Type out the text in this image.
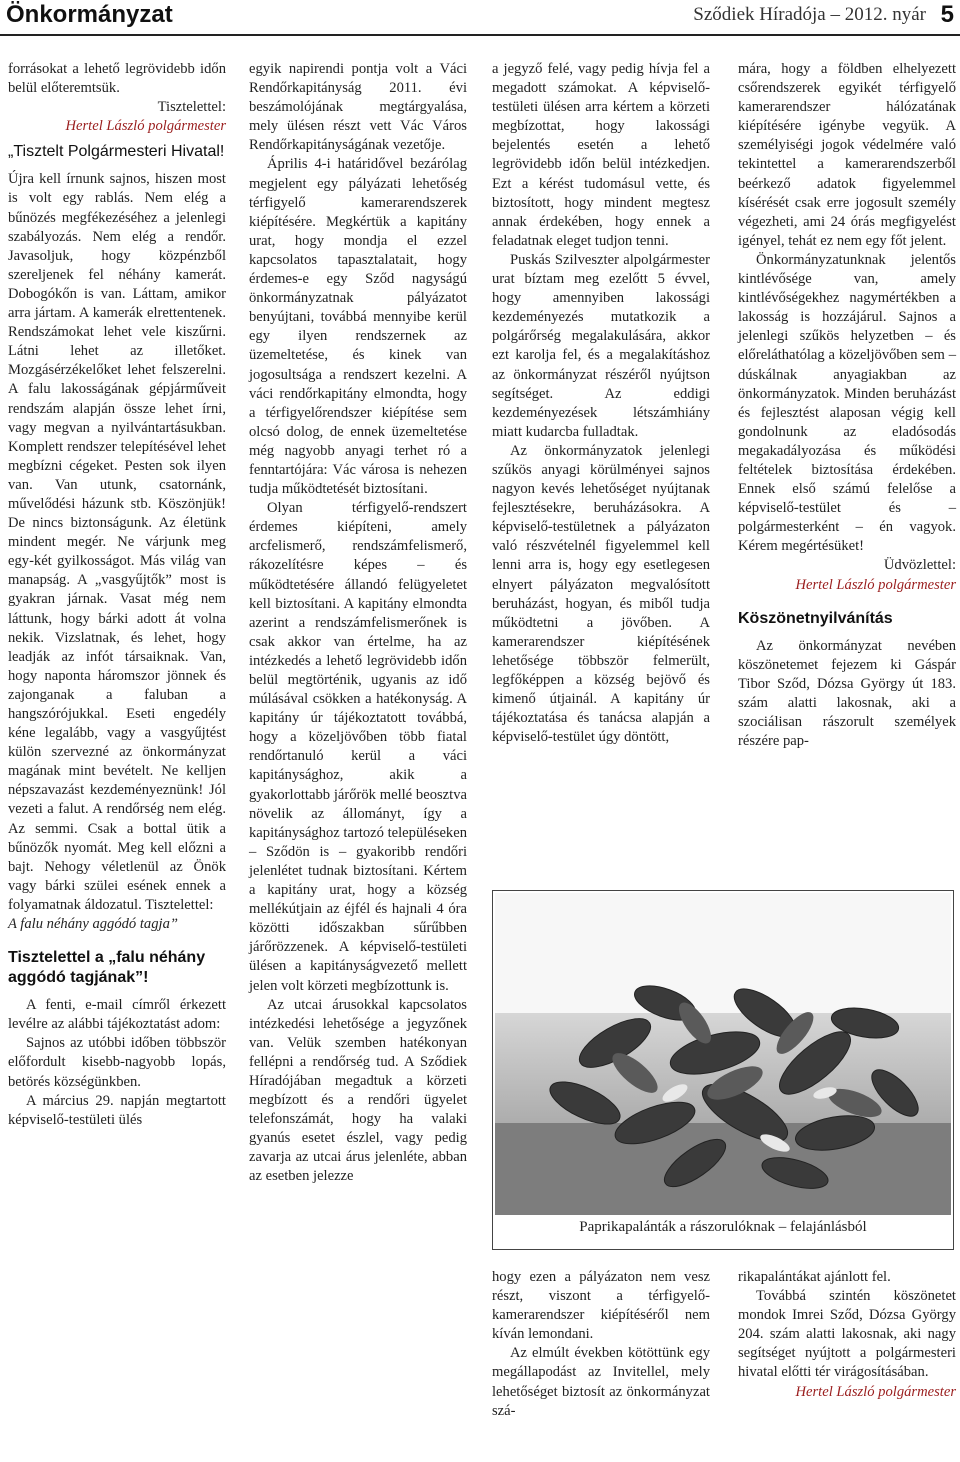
Önkormányzat	Sződiek Híradója – 2012. nyár 5

forrásokat a lehető legrövidebb időn belül előteremtsük.

Tisztelettel:

Hertel László polgármester

„Tisztelt Polgármesteri Hivatal!

Újra kell írnunk sajnos, hiszen most is volt egy rablás. Nem elég a bűnözés megfékezéséhez a jelenlegi szabályozás. Nem elég a rendőr. Javasoljuk, hogy közpénzből szereljenek fel néhány kamerát. Dobogókőn is van. Láttam, amikor arra jártam. A kamerák elrettentenek. Rendszámokat lehet vele kiszűrni. Látni lehet az illetőket. Mozgásérzékelőket lehet felszerelni. A falu lakosságának gépjárműveit rendszám alapján össze lehet írni, vagy megvan a nyilvántartásukban. Komplett rendszer telepítésével lehet megbízni cégeket. Pesten sok ilyen van. Van utunk, csatornánk, művelődési házunk stb. Köszönjük! De nincs biztonságunk. Az életünk mindent megér. Ne várjunk meg egy-két gyilkosságot. Más világ van manapság. A „vasgyűjtők” most is gyakran járnak. Vasat még nem láttunk, hogy bárki adott át volna nekik. Vizslatnak, és lehet, hogy leadják az infót társaiknak. Van, hogy naponta háromszor jönnek és zajonganak a faluban a hangszórójukkal. Eseti engedély kéne legalább, vagy a vasgyűjtést külön szervezné az önkormányzat magának mint bevételt. Ne kelljen népszavazást kezdeményeznünk! Jól vezeti a falut. A rendőrség nem elég. Az semmi. Csak a bottal ütik a bűnözők nyomát. Meg kell előzni a bajt. Nehogy véletlenül az Önök vagy bárki szülei esének ennek a folyamatnak áldozatul. Tisztelettel:

A falu néhány aggódó tagja”

Tisztelettel a „falu néhány aggódó tagjának”!

A fenti, e-mail címről érkezett levélre az alábbi tájékoztatást adom:

Sajnos az utóbbi időben többször előfordult kisebb-nagyobb lopás, betörés községünkben.

A március 29. napján megtartott képviselő-testületi ülés

egyik napirendi pontja volt a Váci Rendőrkapitányság 2011. évi beszámolójának megtárgyalása, mely ülésen részt vett Vác Város Rendőrkapitányságának vezetője.

Április 4-i határidővel bezárólag megjelent egy pályázati lehetőség térfigyelő kamerarendszerek kiépítésére. Megkértük a kapitány urat, hogy mondja el ezzel kapcsolatos tapasztalatait, hogy érdemes-e egy Sződ nagyságú önkormányzatnak pályázatot benyújtani, továbbá mennyibe kerül egy ilyen rendszernek az üzemeltetése, és kinek van jogosultsága a rendszert kezelni. A váci rendőrkapitány elmondta, hogy a térfigyelőrendszer kiépítése sem olcsó dolog, de ennek üzemeltetése még nagyobb anyagi terhet ró a fenntartójára: Vác városa is nehezen tudja működtetését biztosítani.

Olyan térfigyelő-rendszert érdemes kiépíteni, amely arcfelismerő, rendszámfelismerő, rákozelítésre képes – és működtetésére állandó felügyeletet kell biztosítani. A kapitány elmondta azerint a rendszámfelismerőnek is csak akkor van értelme, ha az intézkedés a lehető legrövidebb időn belül megtörténik, ugyanis az idő múlásával csökken a hatékonyság. A kapitány úr tájékoztatott továbbá, hogy a közeljövőben több fiatal rendőrtanuló kerül a váci kapitánysághoz, akik a gyakorlottabb járőrök mellé beosztva növelik az állományt, így a kapitánysághoz tartozó településeken – Sződön is – gyakoribb rendőri jelenlétet tudnak biztosítani. Kértem a kapitány urat, hogy a község mellékútjain az éjfél és hajnali 4 óra közötti időszakban sűrűbben járőrözzenek. A képviselő-testületi ülésen a kapitányságvezető mellett jelen volt körzeti megbízottunk is.

Az utcai árusokkal kapcsolatos intézkedési lehetősége a jegyzőnek van. Velük szemben hatékonyan fellépni a rendőrség tud. A Sződiek Híradójában megadtuk a körzeti megbízott és a rendőri ügyelet telefonszámát, hogy ha valaki gyanús esetet észlel, vagy pedig zavarja az utcai árus jelenléte, abban az esetben jelezze

a jegyző felé, vagy pedig hívja fel a megadott számokat. A képviselő-testületi ülésen arra kértem a körzeti megbízottat, hogy lakossági bejelentés esetén a lehető legrövidebb időn belül intézkedjen. Ezt a kérést tudomásul vette, és biztosított, hogy mindent megtesz annak érdekében, hogy ennek a feladatnak eleget tudjon tenni.

Puskás Szilveszter alpolgármester urat bíztam meg ezelőtt 5 évvel, hogy amennyiben lakossági kezdeményezés mutatkozik a polgárőrség megalakulására, akkor ezt karolja fel, és a megalakításhoz az önkormányzat részéről nyújtson segítséget. Az eddigi kezdeményezések létszámhiány miatt kudarcba fulladtak.

Az önkormányzatok jelenlegi szűkös anyagi körülményei sajnos nagyon kevés lehetőséget nyújtanak fejlesztésekre, beruházásokra. A képviselő-testületnek a pályázaton való részvételnél figyelemmel kell lenni arra is, hogy egy esetlegesen elnyert pályázaton megvalósított beruházást, hogyan, és miből tudja működtetni a jövőben. A kamerarendszer kiépítésének lehetősége többször felmerült, legfőképpen a község bejövő és kimenő útjainál. A kapitány úr tájékoztatása és tanácsa alapján a képviselő-testület úgy döntött,

hogy ezen a pályázaton nem vesz részt, viszont a térfigyelő-kamerarendszer kiépítéséről nem kíván lemondani.

Az elmúlt években kötöttünk egy megállapodást az Invitellel, mely lehetőséget biztosít az önkormányzat szá-

mára, hogy a földben elhelyezett csőrendszerek egyikét térfigyelő kamerarendszer hálózatának kiépítésére igénybe vegyük. A személyiségi jogok védelmére való tekintettel a kamerarendszerből beérkező adatok figyelemmel kísérését csak erre jogosult személy végezheti, ami 24 órás megfigyelést igényel, tehát ez nem egy főt jelent.

Önkormányzatunknak jelentős kintlévősége van, amely kintlévőségekhez nagymértékben a lakosság is hozzájárul. Sajnos a jelenlegi szűkös helyzetben – és előreláthatólag a közeljövőben sem – dúskálnak anyagiakban az önkormányzatok. Minden beruházást és fejlesztést alaposan végig kell gondolnunk az eladósodás megakadályozása és működési feltételek biztosítása érdekében. Ennek első számú felelőse a képviselő-testület és – polgármesterként – én vagyok. Kérem megértésüket!

Üdvözlettel:

Hertel László polgármester

Köszönetnyilvánítás

Az önkormányzat nevében köszönetemet fejezem ki Gáspár Tibor Sződ, Dózsa György út 183. szám alatti lakosnak, aki a szociálisan rászorult személyek részére pap-

rikapalántákat ajánlott fel.

Továbbá szintén köszönetet mondok Imrei Sződ, Dózsa György 204. szám alatti lakosnak, aki nagy segítséget nyújtott a polgármesteri hivatal előtti tér virágosításában.

Hertel László polgármester

Paprikapalánták a rászorulóknak – felajánlásból
